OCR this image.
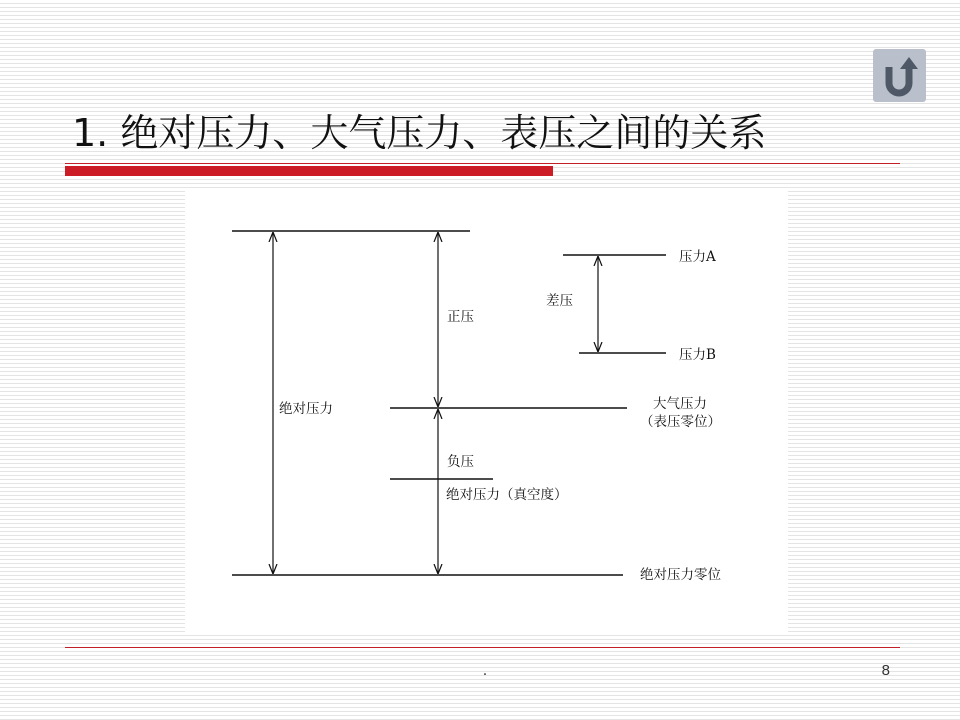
1. 绝对压力、大气压力、表压之间的关系
绝对压力
正压
负压
大气压力
（表压零位）
绝对压力（真空度）
绝对压力零位
差压
压力A
压力B
.	8
